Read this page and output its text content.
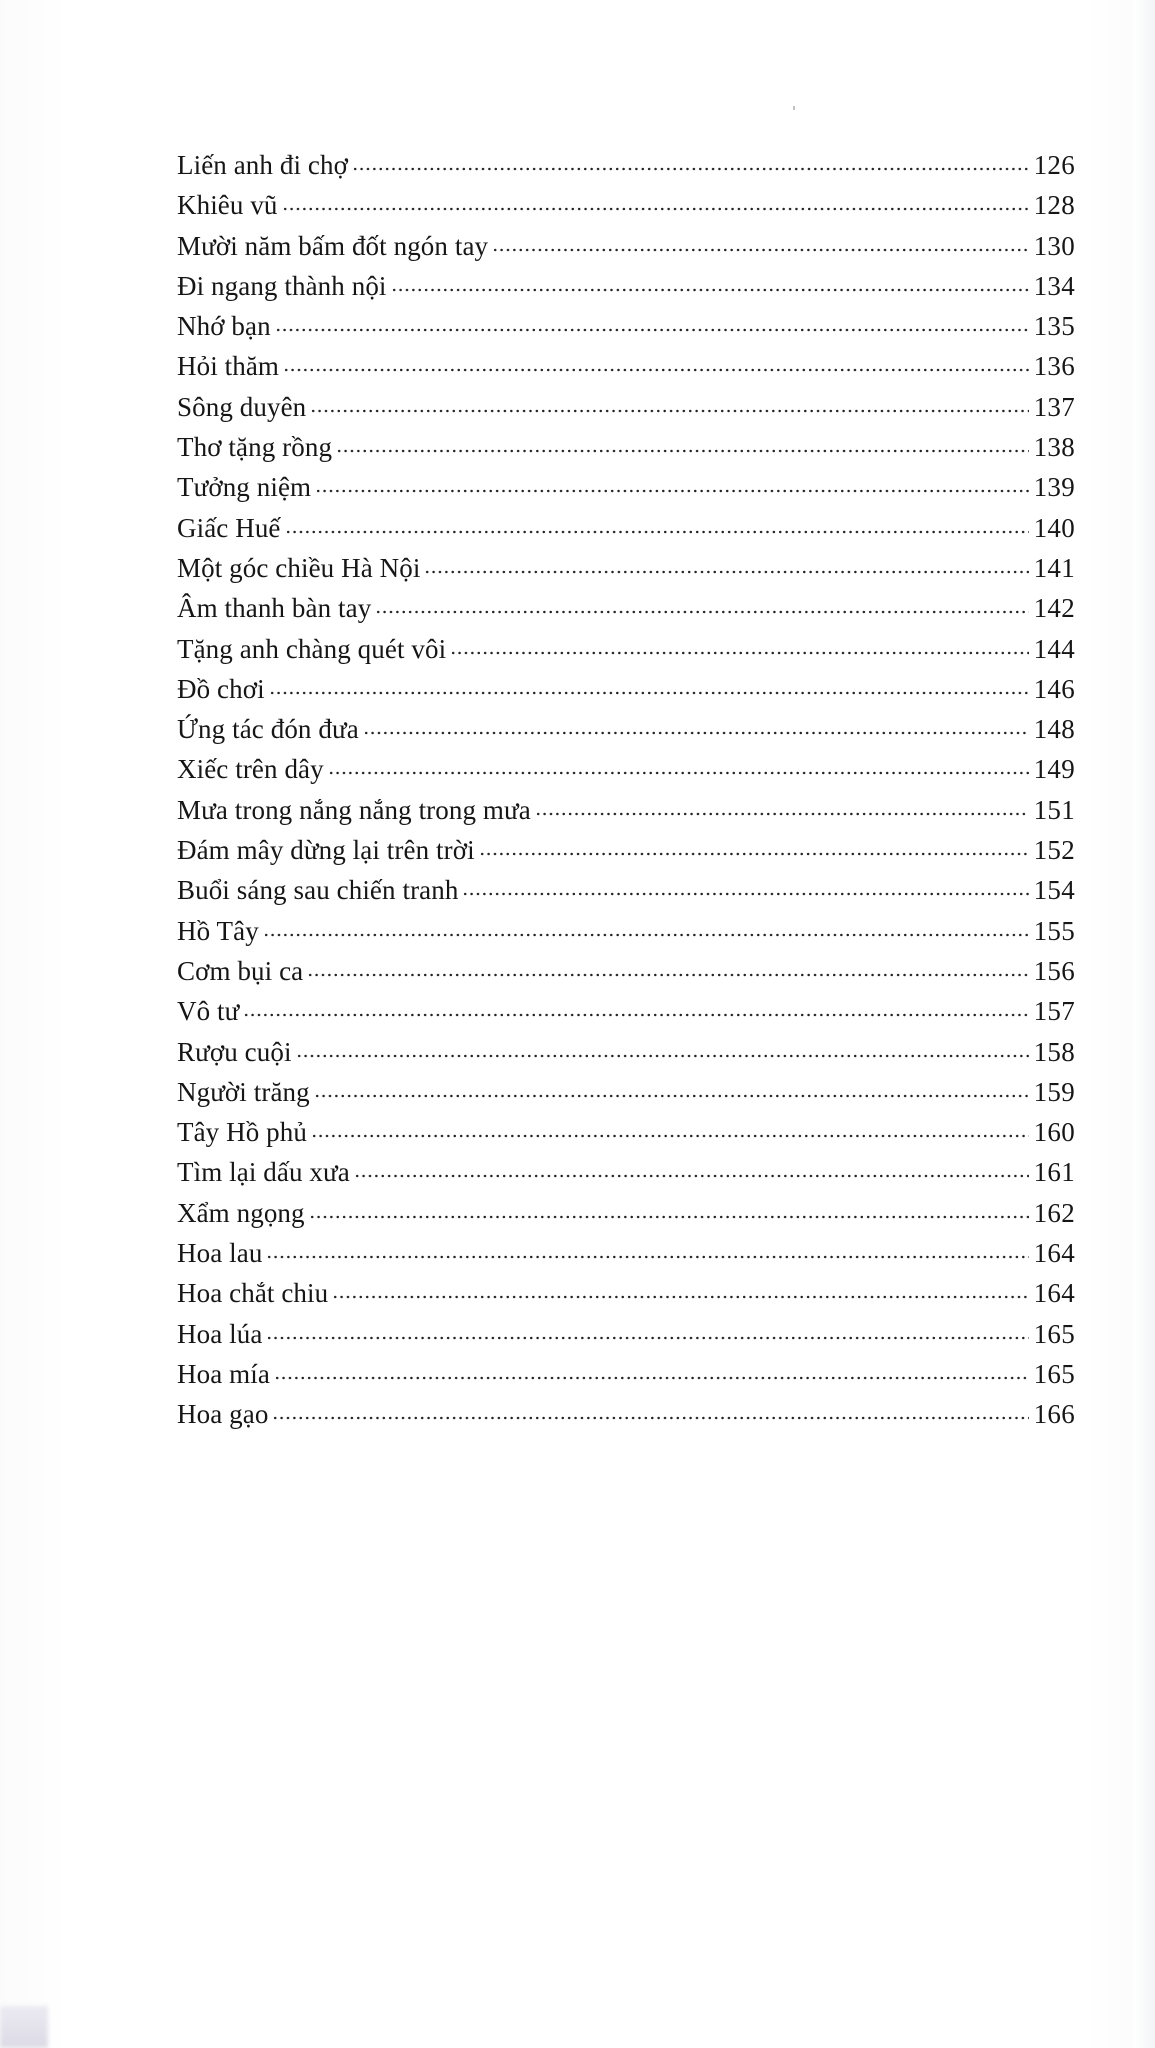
Liến anh đi chợ	126
Khiêu vũ	128
Mười năm bấm đốt ngón tay	130
Đi ngang thành nội	134
Nhớ bạn	135
Hỏi thăm	136
Sông duyên	137
Thơ tặng rồng	138
Tưởng niệm	139
Giấc Huế	140
Một góc chiều Hà Nội	141
Âm thanh bàn tay	142
Tặng anh chàng quét vôi	144
Đồ chơi	146
Ứng tác đón đưa	148
Xiếc trên dây	149
Mưa trong nắng nắng trong mưa	151
Đám mây dừng lại trên trời	152
Buổi sáng sau chiến tranh	154
Hồ Tây	155
Cơm bụi ca	156
Vô tư	157
Rượu cuội	158
Người trăng	159
Tây Hồ phủ	160
Tìm lại dấu xưa	161
Xẩm ngọng	162
Hoa lau	164
Hoa chắt chiu	164
Hoa lúa	165
Hoa mía	165
Hoa gạo	166
